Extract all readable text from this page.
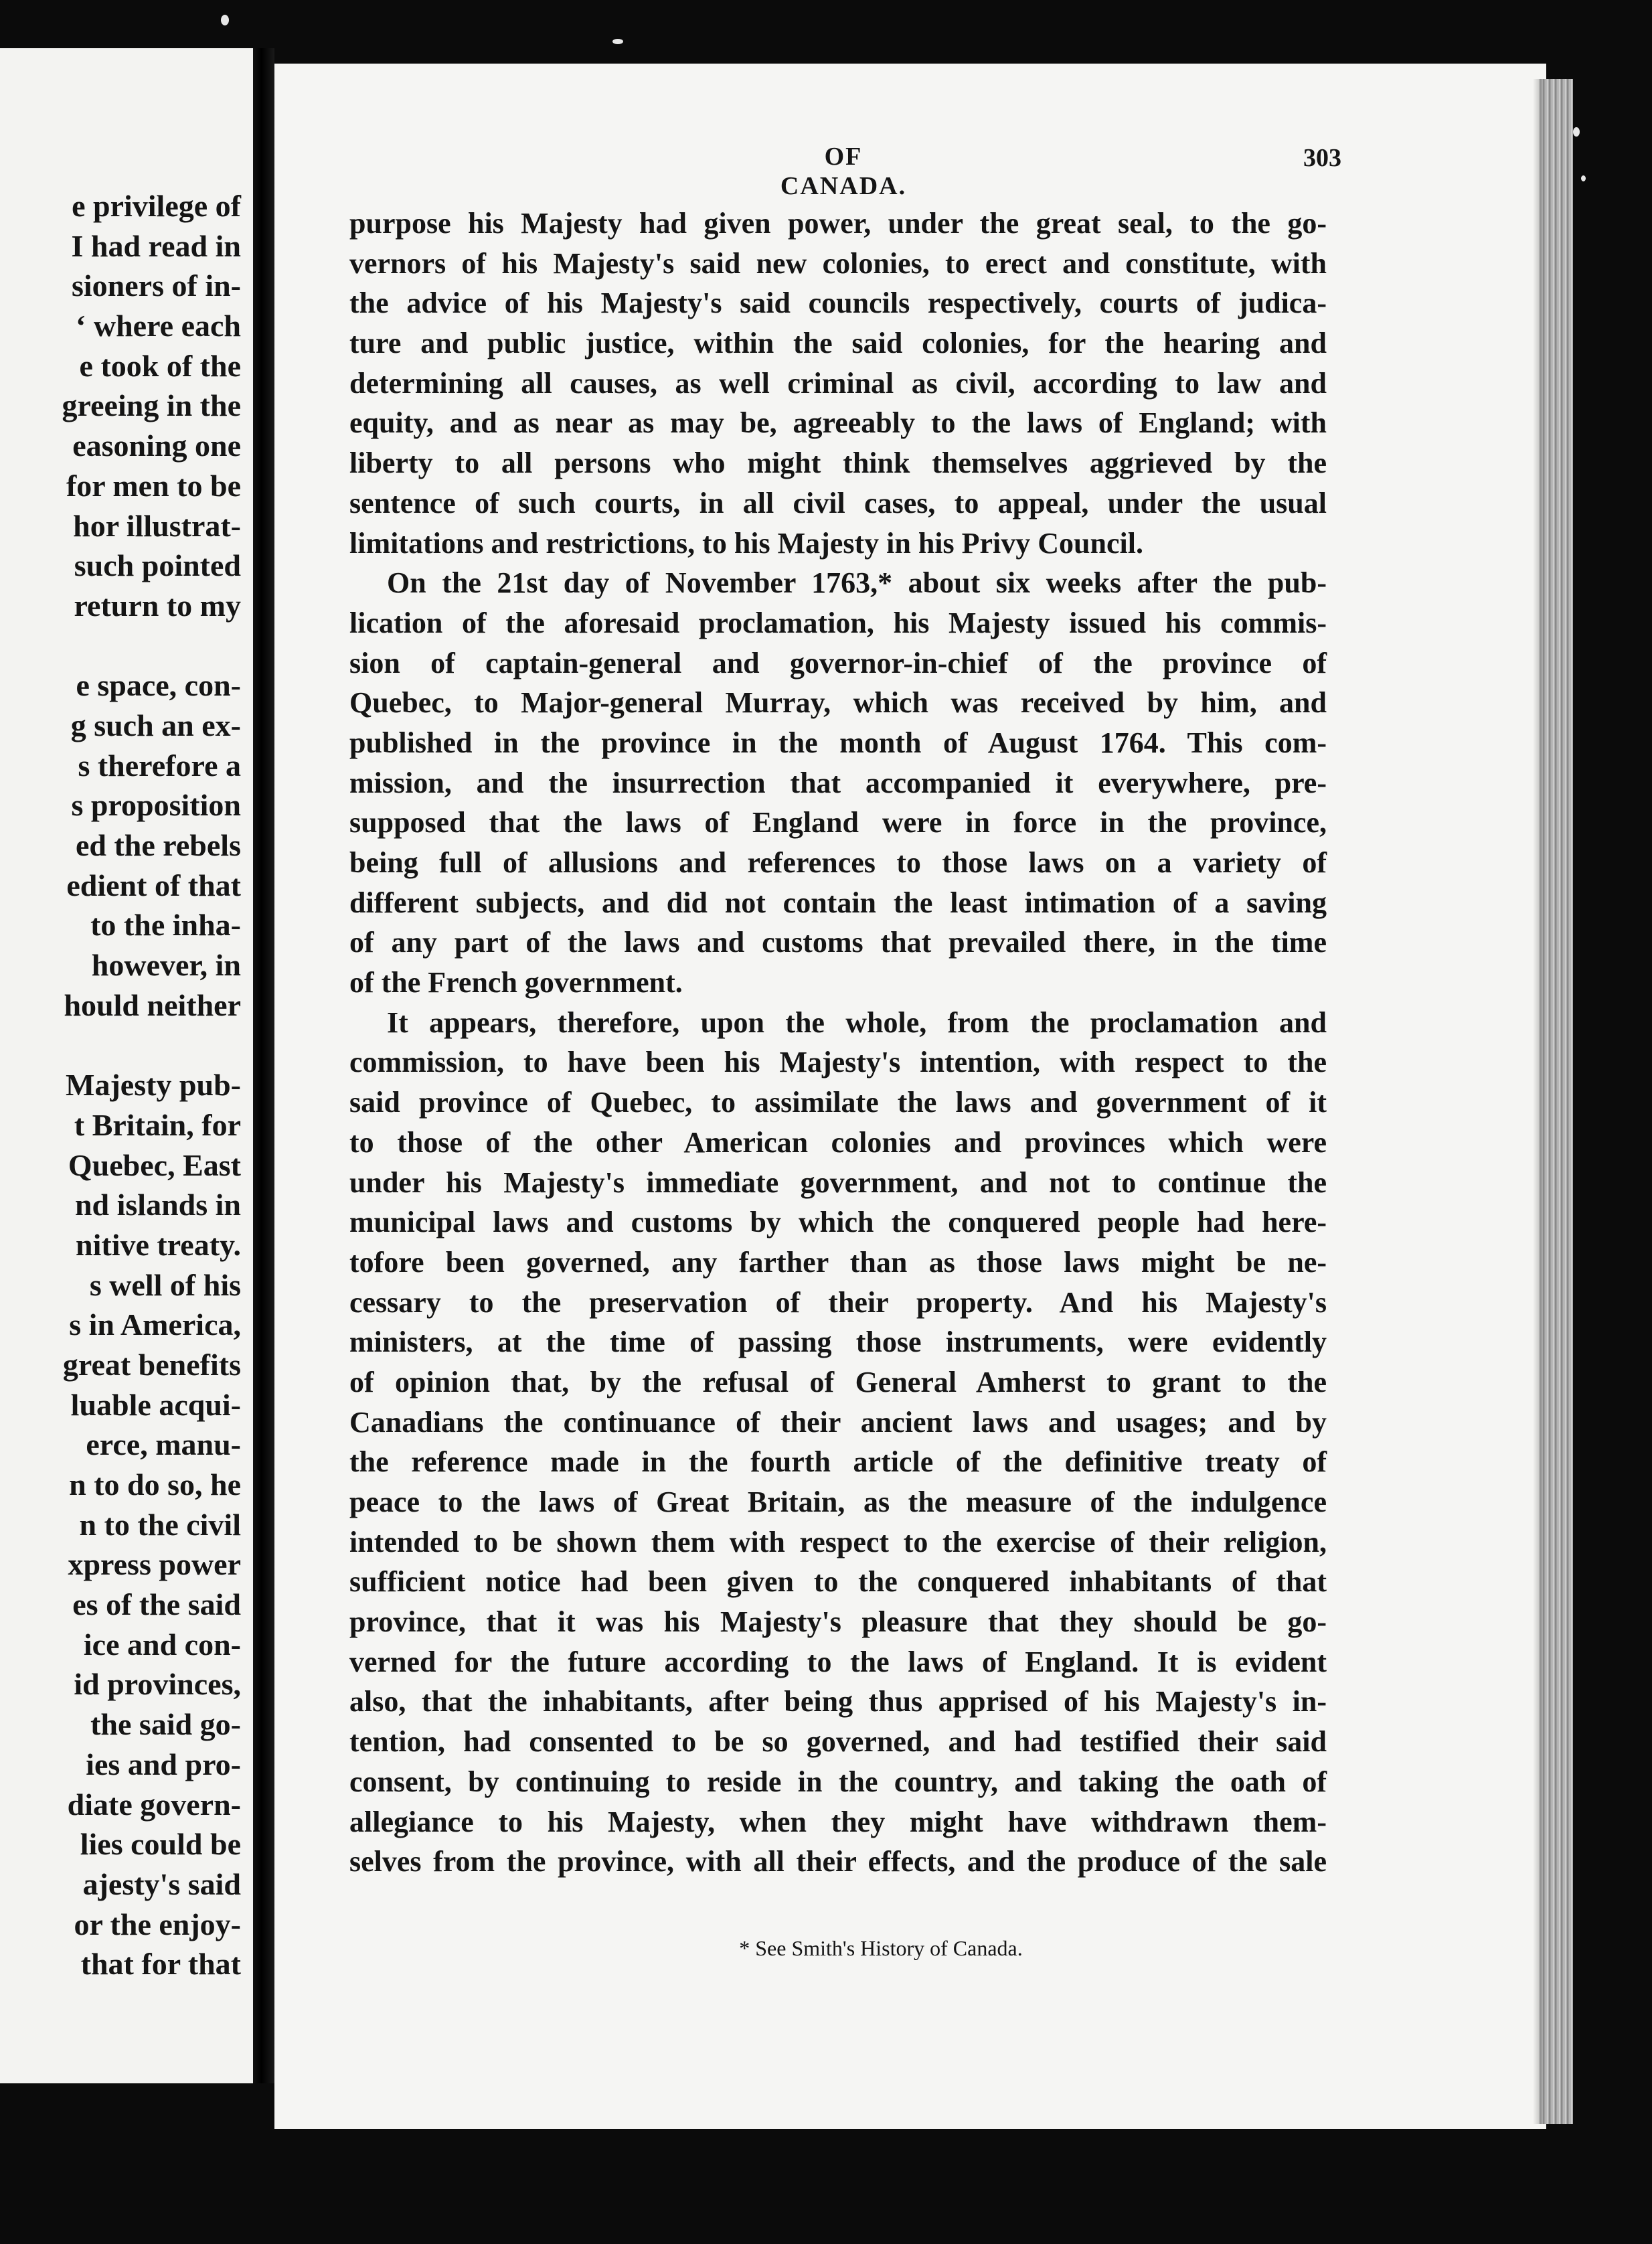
e privilege of
I had read in
sioners of in-
‘ where each
e took of the
greeing in the
easoning one
for men to be
hor illustrat-
such pointed
return to my
e space, con-
g such an ex-
s therefore a
s proposition
ed the rebels
edient of that
to the inha-
however, in
hould neither
Majesty pub-
t Britain, for
Quebec, East
nd islands in
nitive treaty.
s well of his
s in America,
great benefits
luable acqui-
erce, manu-
n to do so, he
n to the civil
xpress power
es of the said
ice and con-
id provinces,
the said go-
ies and pro-
diate govern-
lies could be
ajesty's said
or the enjoy-
that for that
OF CANADA.
303
purpose his Majesty had given power, under the great seal, to the go-
vernors of his Majesty's said new colonies, to erect and constitute, with
the advice of his Majesty's said councils respectively, courts of judica-
ture and public justice, within the said colonies, for the hearing and
determining all causes, as well criminal as civil, according to law and
equity, and as near as may be, agreeably to the laws of England; with
liberty to all persons who might think themselves aggrieved by the
sentence of such courts, in all civil cases, to appeal, under the usual
limitations and restrictions, to his Majesty in his Privy Council.
On the 21st day of November 1763,* about six weeks after the pub-
lication of the aforesaid proclamation, his Majesty issued his commis-
sion of captain-general and governor-in-chief of the province of
Quebec, to Major-general Murray, which was received by him, and
published in the province in the month of August 1764. This com-
mission, and the insurrection that accompanied it everywhere, pre-
supposed that the laws of England were in force in the province,
being full of allusions and references to those laws on a variety of
different subjects, and did not contain the least intimation of a saving
of any part of the laws and customs that prevailed there, in the time
of the French government.
It appears, therefore, upon the whole, from the proclamation and
commission, to have been his Majesty's intention, with respect to the
said province of Quebec, to assimilate the laws and government of it
to those of the other American colonies and provinces which were
under his Majesty's immediate government, and not to continue the
municipal laws and customs by which the conquered people had here-
tofore been governed, any farther than as those laws might be ne-
cessary to the preservation of their property. And his Majesty's
ministers, at the time of passing those instruments, were evidently
of opinion that, by the refusal of General Amherst to grant to the
Canadians the continuance of their ancient laws and usages; and by
the reference made in the fourth article of the definitive treaty of
peace to the laws of Great Britain, as the measure of the indulgence
intended to be shown them with respect to the exercise of their religion,
sufficient notice had been given to the conquered inhabitants of that
province, that it was his Majesty's pleasure that they should be go-
verned for the future according to the laws of England. It is evident
also, that the inhabitants, after being thus apprised of his Majesty's in-
tention, had consented to be so governed, and had testified their said
consent, by continuing to reside in the country, and taking the oath of
allegiance to his Majesty, when they might have withdrawn them-
selves from the province, with all their effects, and the produce of the sale
* See Smith's History of Canada.
